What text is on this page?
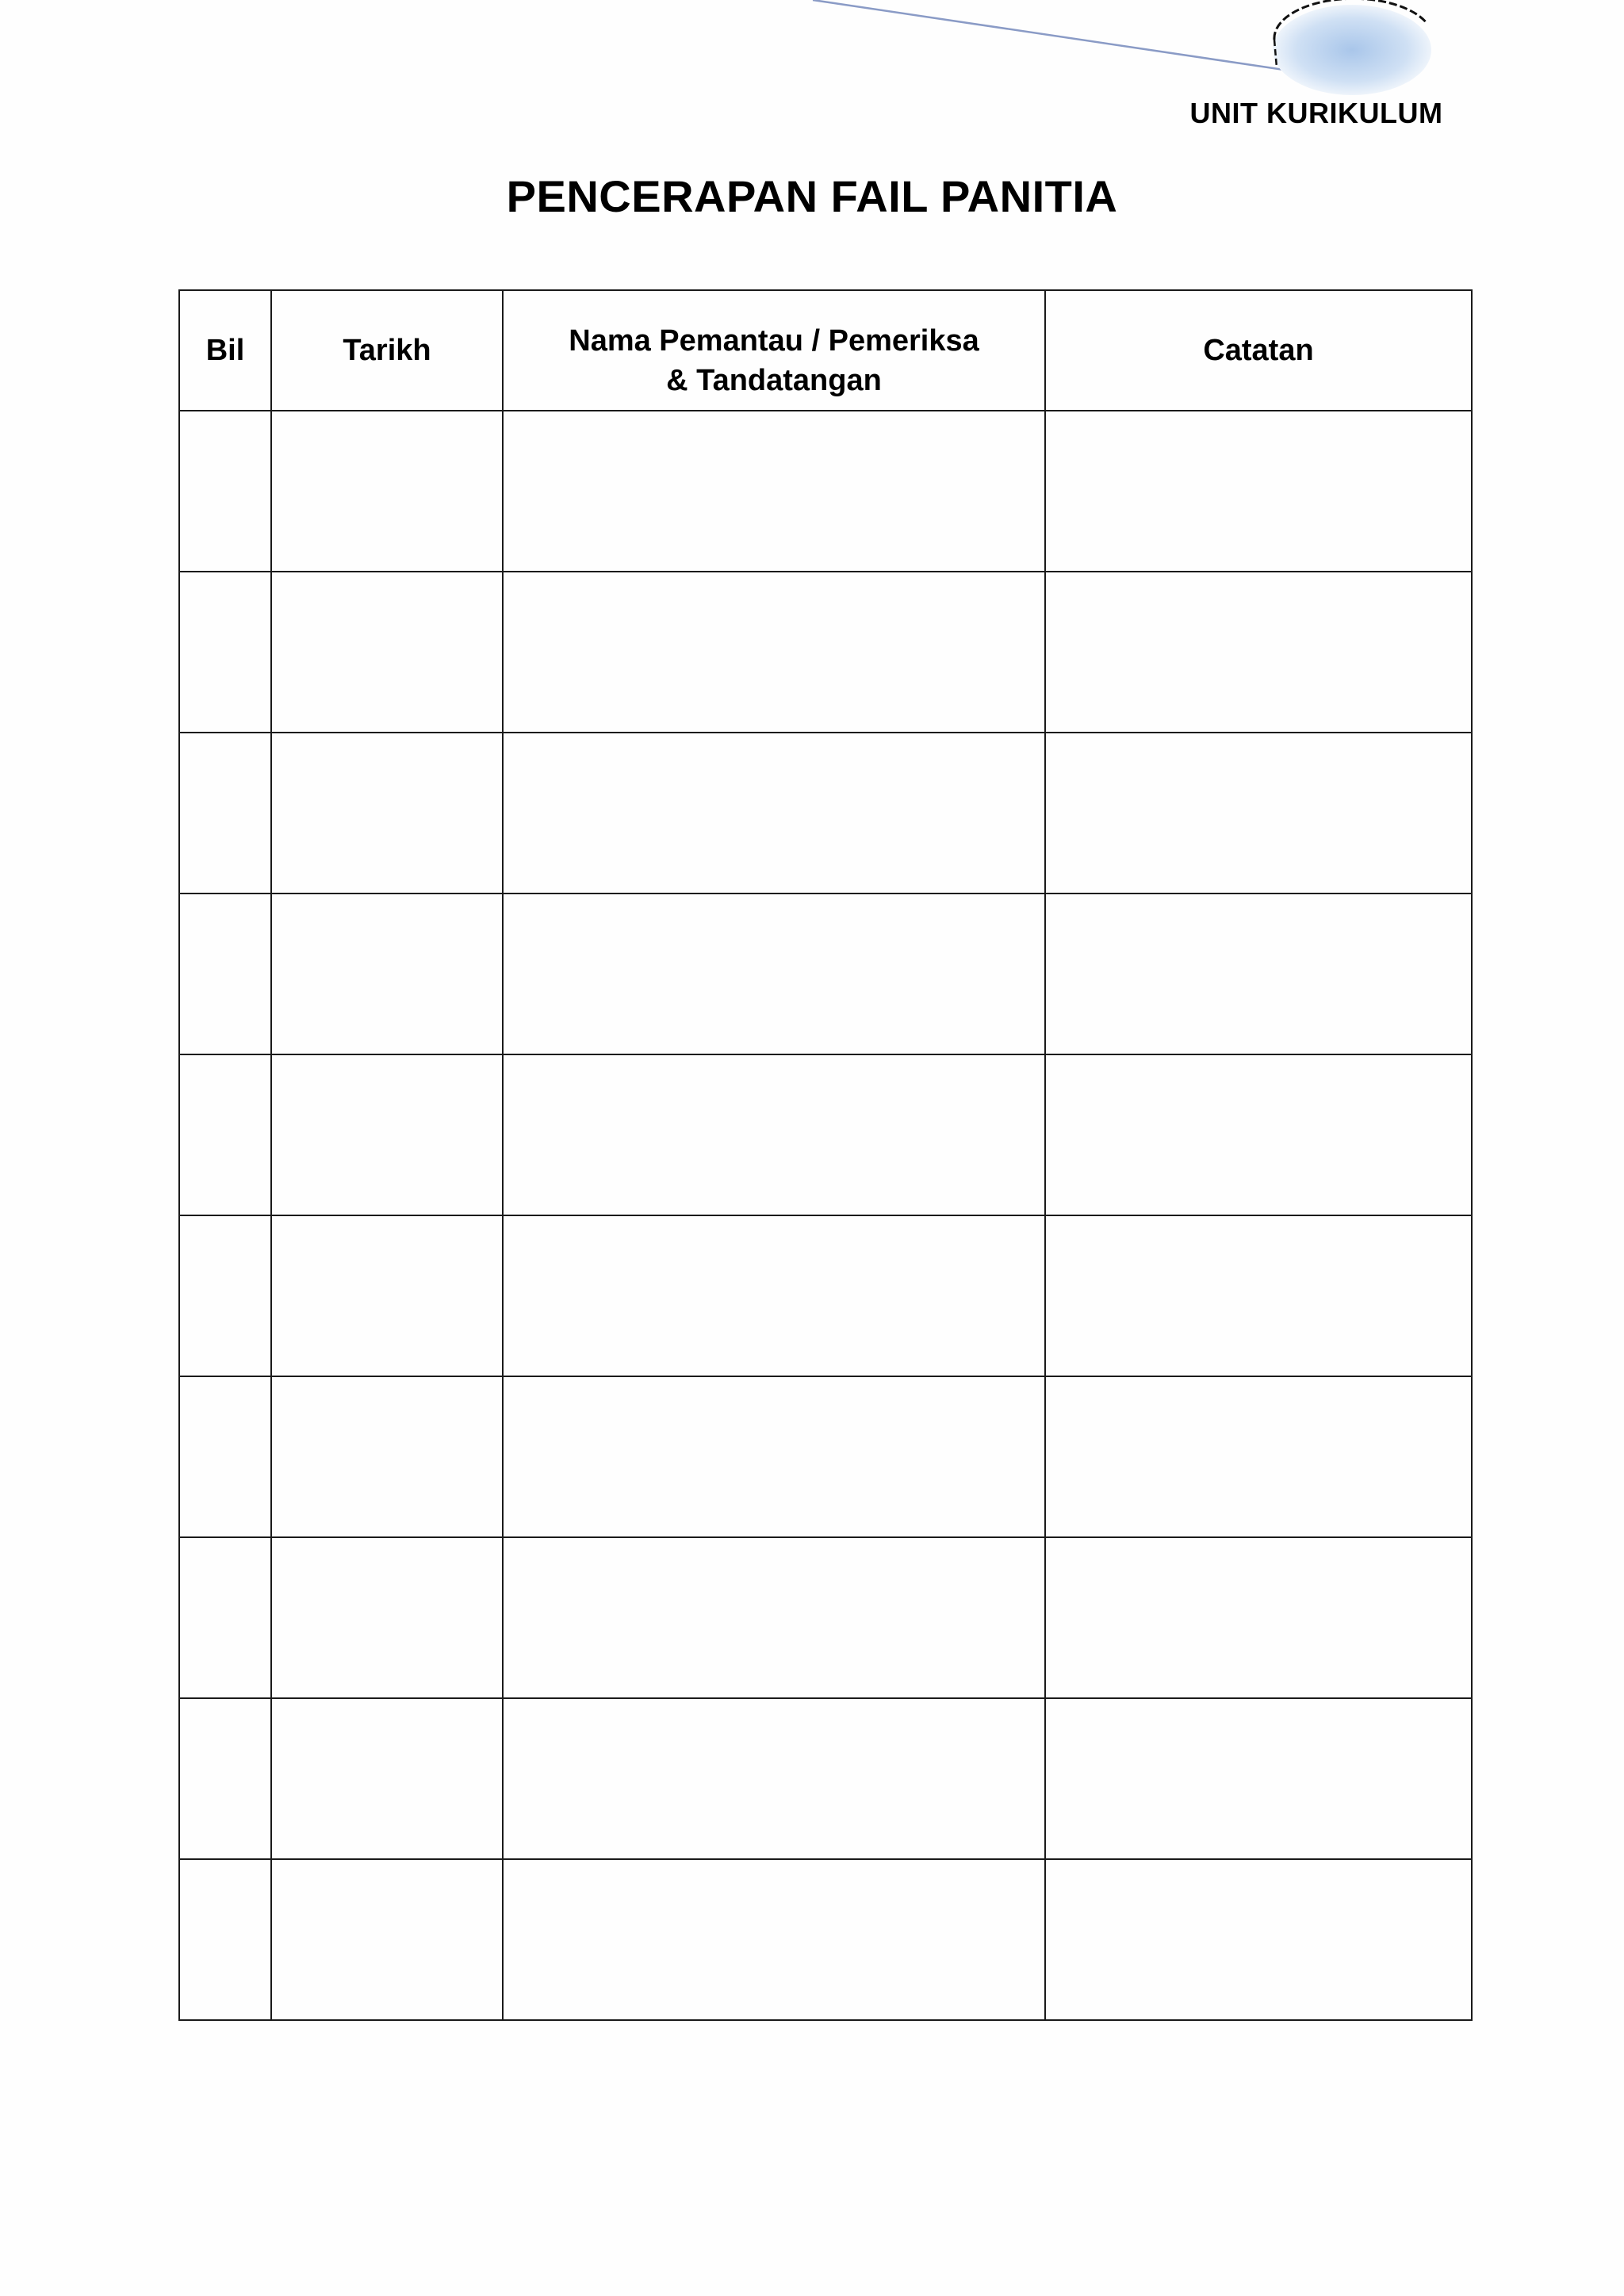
UNIT KURIKULUM
PENCERAPAN FAIL PANITIA
Bil	Tarikh	Nama Pemantau / Pemeriksa
& Tandatangan	Catatan
